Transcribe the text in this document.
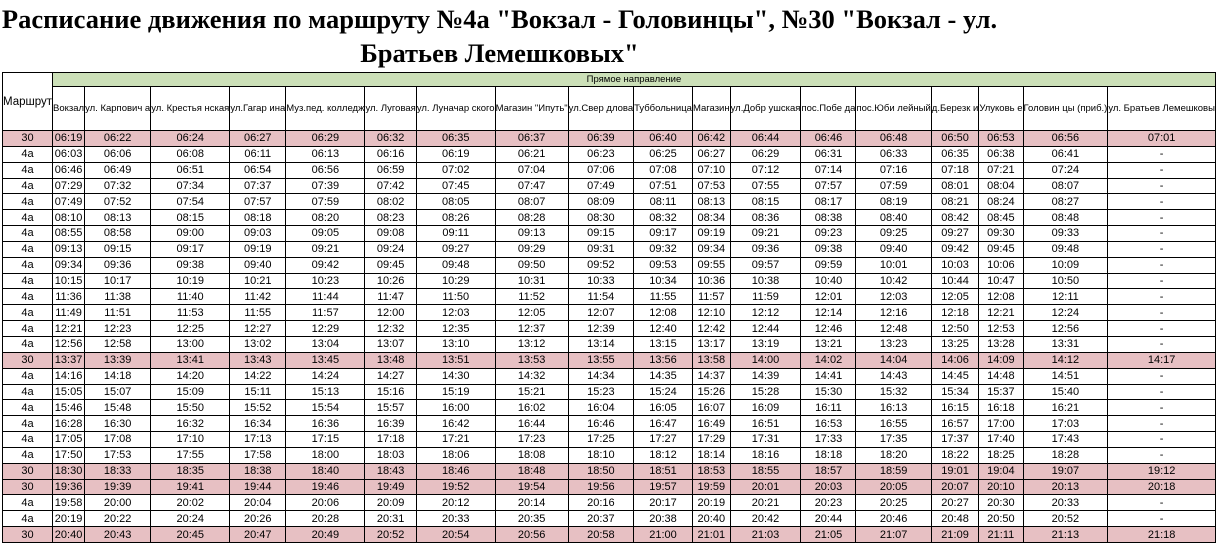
Расписание движения по маршруту №4а "Вокзал - Головинцы", №30 "Вокзал - ул. Братьев Лемешковых"
Маршрут	Прямое направление																	
	Вокзал	ул. Карпович а	ул. Крестья нская	ул.Гагар ина	Муз.пед. колледж	ул. Луговая	ул. Луначар ского	Магазин "Ипуть"	ул.Свер длова	Туббольницa	Магазин	ул.Добр ушская	пос.Побе да	пос.Юби лейный	д.Березк и	Улуковь е	Головин цы (приб.)	ул. Братьев Лемешковы
30	06:19	06:22	06:24	06:27	06:29	06:32	06:35	06:37	06:39	06:40	06:42	06:44	06:46	06:48	06:50	06:53	06:56	07:01
4а	06:03	06:06	06:08	06:11	06:13	06:16	06:19	06:21	06:23	06:25	06:27	06:29	06:31	06:33	06:35	06:38	06:41	-
4а	06:46	06:49	06:51	06:54	06:56	06:59	07:02	07:04	07:06	07:08	07:10	07:12	07:14	07:16	07:18	07:21	07:24	-
4а	07:29	07:32	07:34	07:37	07:39	07:42	07:45	07:47	07:49	07:51	07:53	07:55	07:57	07:59	08:01	08:04	08:07	-
4а	07:49	07:52	07:54	07:57	07:59	08:02	08:05	08:07	08:09	08:11	08:13	08:15	08:17	08:19	08:21	08:24	08:27	-
4а	08:10	08:13	08:15	08:18	08:20	08:23	08:26	08:28	08:30	08:32	08:34	08:36	08:38	08:40	08:42	08:45	08:48	-
4а	08:55	08:58	09:00	09:03	09:05	09:08	09:11	09:13	09:15	09:17	09:19	09:21	09:23	09:25	09:27	09:30	09:33	-
4а	09:13	09:15	09:17	09:19	09:21	09:24	09:27	09:29	09:31	09:32	09:34	09:36	09:38	09:40	09:42	09:45	09:48	-
4а	09:34	09:36	09:38	09:40	09:42	09:45	09:48	09:50	09:52	09:53	09:55	09:57	09:59	10:01	10:03	10:06	10:09	-
4а	10:15	10:17	10:19	10:21	10:23	10:26	10:29	10:31	10:33	10:34	10:36	10:38	10:40	10:42	10:44	10:47	10:50	-
4а	11:36	11:38	11:40	11:42	11:44	11:47	11:50	11:52	11:54	11:55	11:57	11:59	12:01	12:03	12:05	12:08	12:11	-
4а	11:49	11:51	11:53	11:55	11:57	12:00	12:03	12:05	12:07	12:08	12:10	12:12	12:14	12:16	12:18	12:21	12:24	-
4а	12:21	12:23	12:25	12:27	12:29	12:32	12:35	12:37	12:39	12:40	12:42	12:44	12:46	12:48	12:50	12:53	12:56	-
4а	12:56	12:58	13:00	13:02	13:04	13:07	13:10	13:12	13:14	13:15	13:17	13:19	13:21	13:23	13:25	13:28	13:31	-
30	13:37	13:39	13:41	13:43	13:45	13:48	13:51	13:53	13:55	13:56	13:58	14:00	14:02	14:04	14:06	14:09	14:12	14:17
4а	14:16	14:18	14:20	14:22	14:24	14:27	14:30	14:32	14:34	14:35	14:37	14:39	14:41	14:43	14:45	14:48	14:51	-
4а	15:05	15:07	15:09	15:11	15:13	15:16	15:19	15:21	15:23	15:24	15:26	15:28	15:30	15:32	15:34	15:37	15:40	-
4а	15:46	15:48	15:50	15:52	15:54	15:57	16:00	16:02	16:04	16:05	16:07	16:09	16:11	16:13	16:15	16:18	16:21	-
4а	16:28	16:30	16:32	16:34	16:36	16:39	16:42	16:44	16:46	16:47	16:49	16:51	16:53	16:55	16:57	17:00	17:03	-
4а	17:05	17:08	17:10	17:13	17:15	17:18	17:21	17:23	17:25	17:27	17:29	17:31	17:33	17:35	17:37	17:40	17:43	-
4а	17:50	17:53	17:55	17:58	18:00	18:03	18:06	18:08	18:10	18:12	18:14	18:16	18:18	18:20	18:22	18:25	18:28	-
30	18:30	18:33	18:35	18:38	18:40	18:43	18:46	18:48	18:50	18:51	18:53	18:55	18:57	18:59	19:01	19:04	19:07	19:12
30	19:36	19:39	19:41	19:44	19:46	19:49	19:52	19:54	19:56	19:57	19:59	20:01	20:03	20:05	20:07	20:10	20:13	20:18
4а	19:58	20:00	20:02	20:04	20:06	20:09	20:12	20:14	20:16	20:17	20:19	20:21	20:23	20:25	20:27	20:30	20:33	-
4а	20:19	20:22	20:24	20:26	20:28	20:31	20:33	20:35	20:37	20:38	20:40	20:42	20:44	20:46	20:48	20:50	20:52	-
30	20:40	20:43	20:45	20:47	20:49	20:52	20:54	20:56	20:58	21:00	21:01	21:03	21:05	21:07	21:09	21:11	21:13	21:18
